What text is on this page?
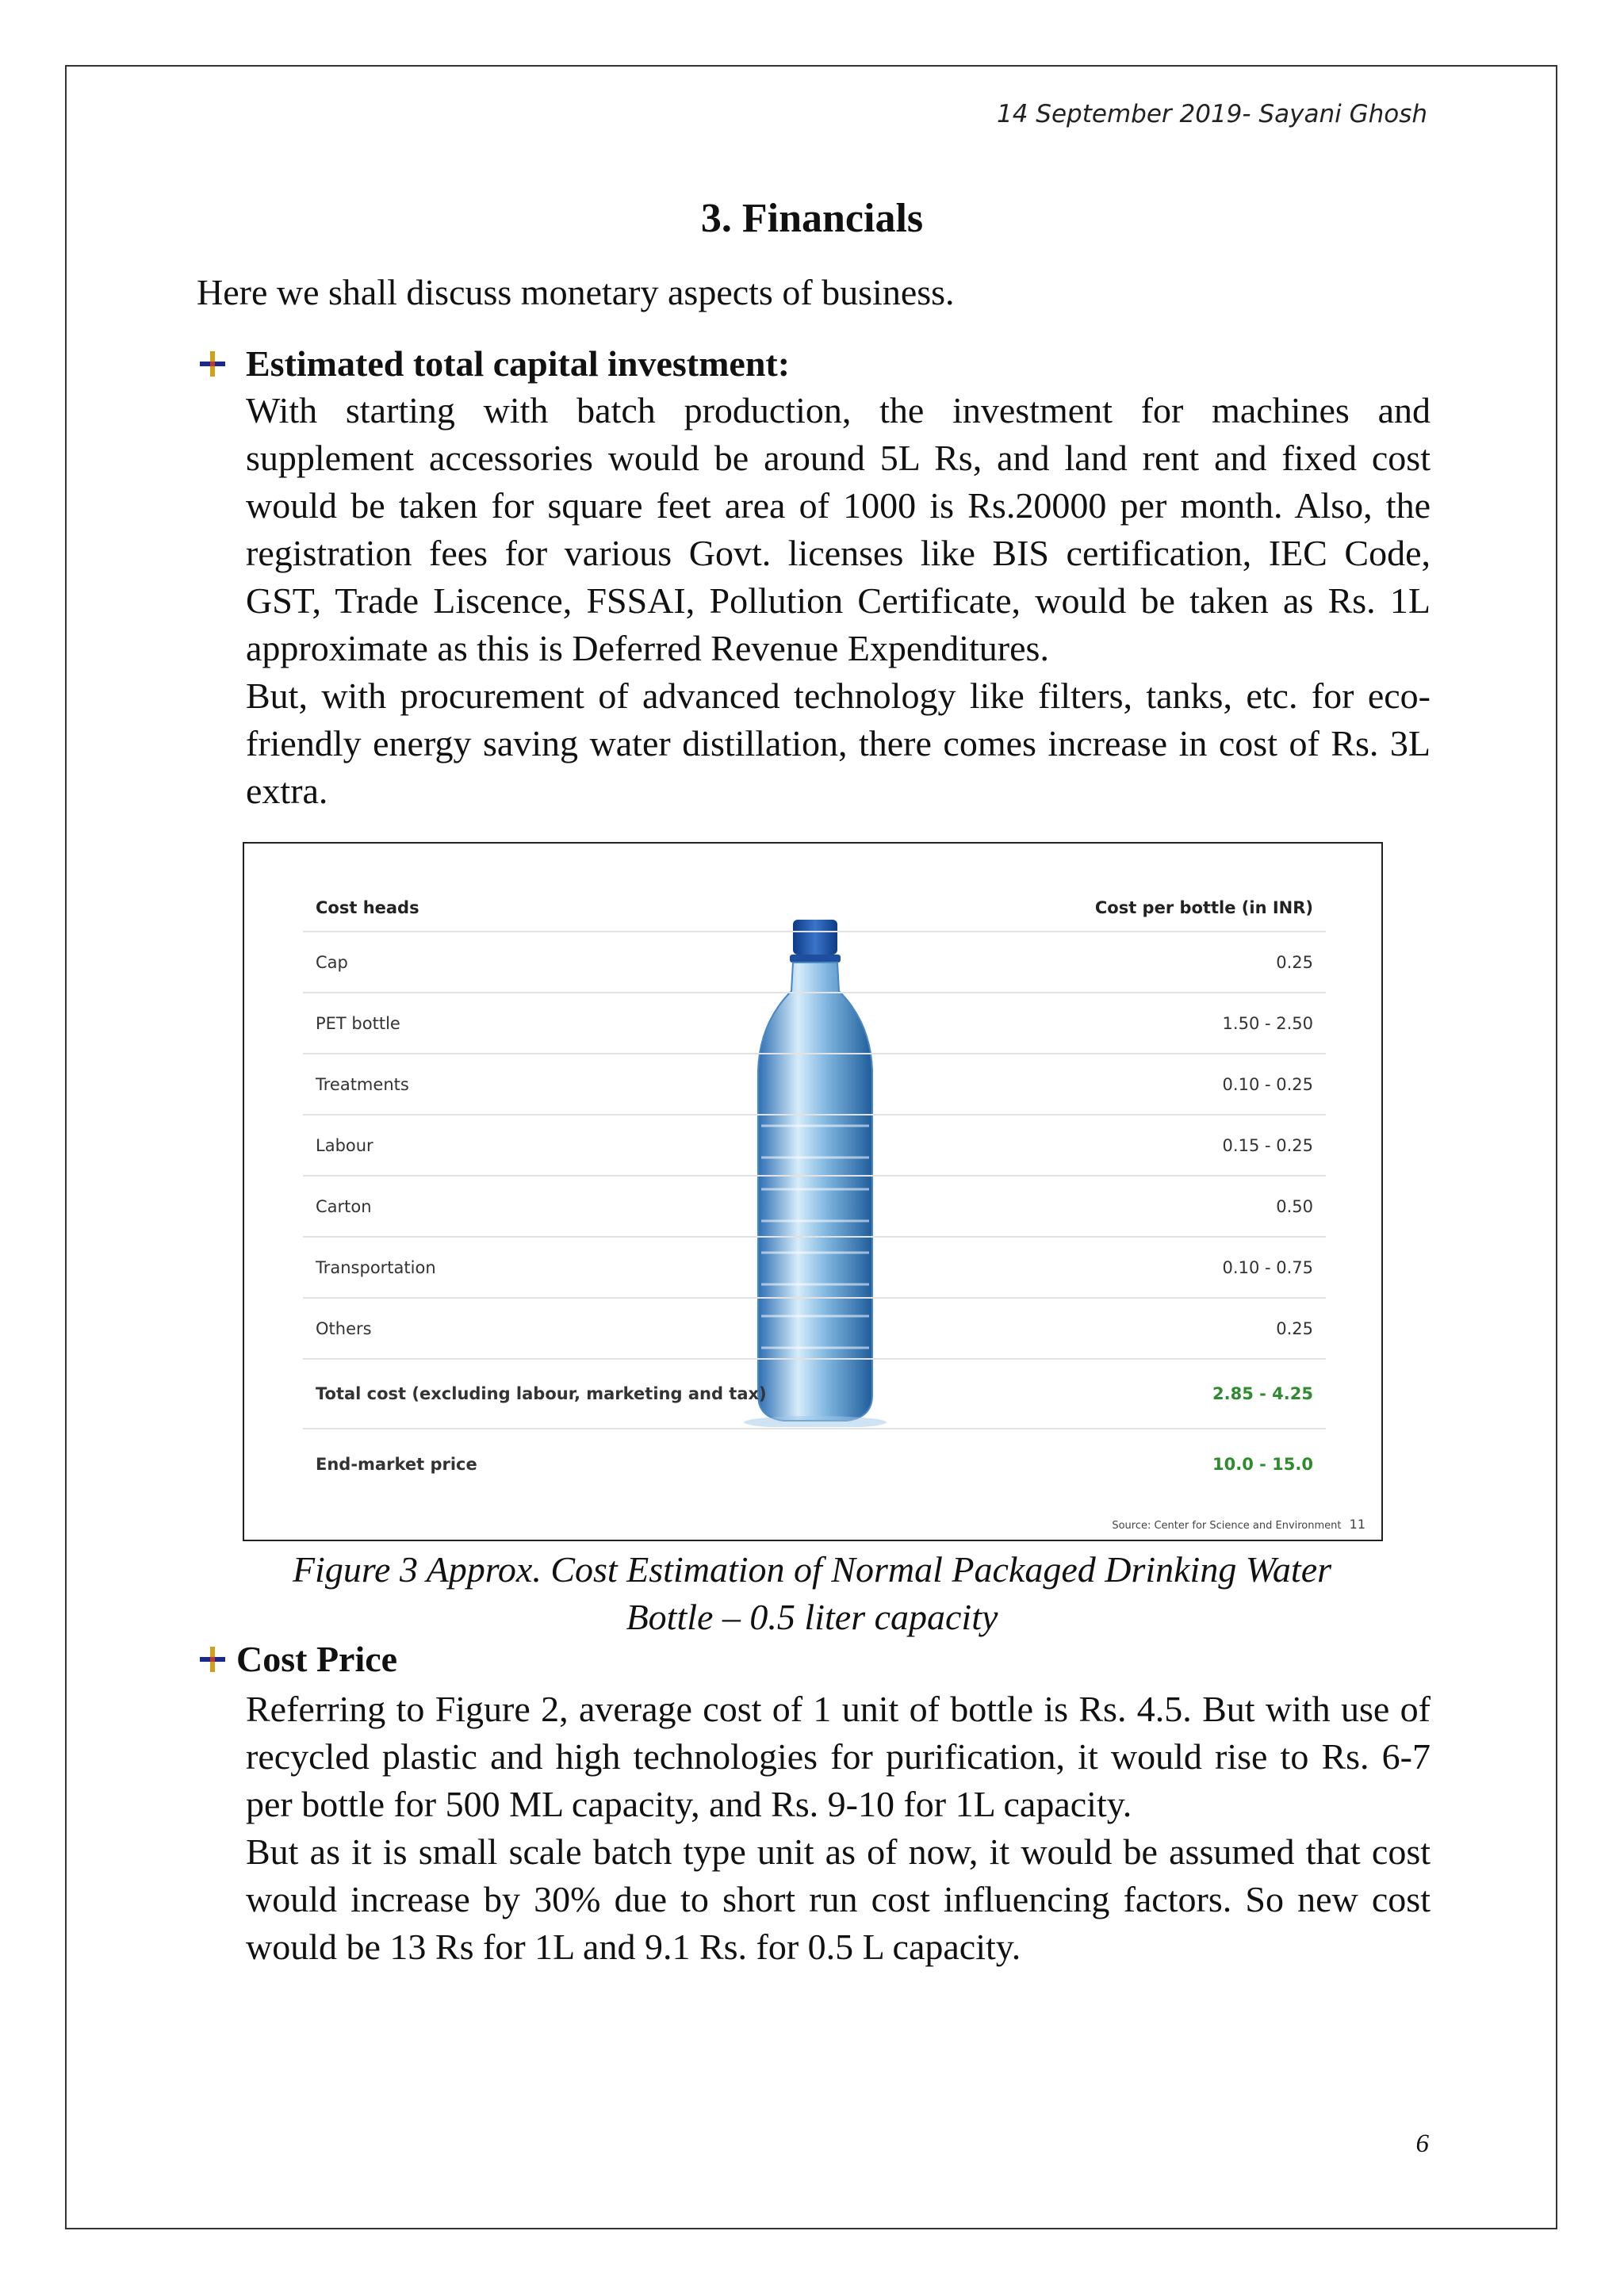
14 September 2019- Sayani Ghosh
3. Financials
Here we shall discuss monetary aspects of business.
Estimated total capital investment:

With starting with batch production, the investment for machines and supplement accessories would be around 5L Rs, and land rent and fixed cost would be taken for square feet area of 1000 is Rs.20000 per month. Also, the registration fees for various Govt. licenses like BIS certification, IEC Code, GST, Trade Liscence, FSSAI, Pollution Certificate, would be taken as Rs. 1L approximate as this is Deferred Revenue Expenditures.

But, with procurement of advanced technology like filters, tanks, etc. for eco-friendly energy saving water distillation, there comes increase in cost of Rs. 3L extra.

Cost heads	Cost per bottle (in INR)
Cap	0.25
PET bottle	1.50 - 2.50
Treatments	0.10 - 0.25
Labour	0.15 - 0.25
Carton	0.50
Transportation	0.10 - 0.75
Others	0.25
Total cost (excluding labour, marketing and tax)	2.85 - 4.25
End-market price	10.0 - 15.0
Source: Center for Science and Environment 11
Figure 3 Approx. Cost Estimation of Normal Packaged Drinking Water
Bottle – 0.5 liter capacity
Cost Price

Referring to Figure 2, average cost of 1 unit of bottle is Rs. 4.5. But with use of recycled plastic and high technologies for purification, it would rise to Rs. 6-7 per bottle for 500 ML capacity, and Rs. 9-10 for 1L capacity.

But as it is small scale batch type unit as of now, it would be assumed that cost would increase by 30% due to short run cost influencing factors. So new cost would be 13 Rs for 1L and 9.1 Rs. for 0.5 L capacity.

6
